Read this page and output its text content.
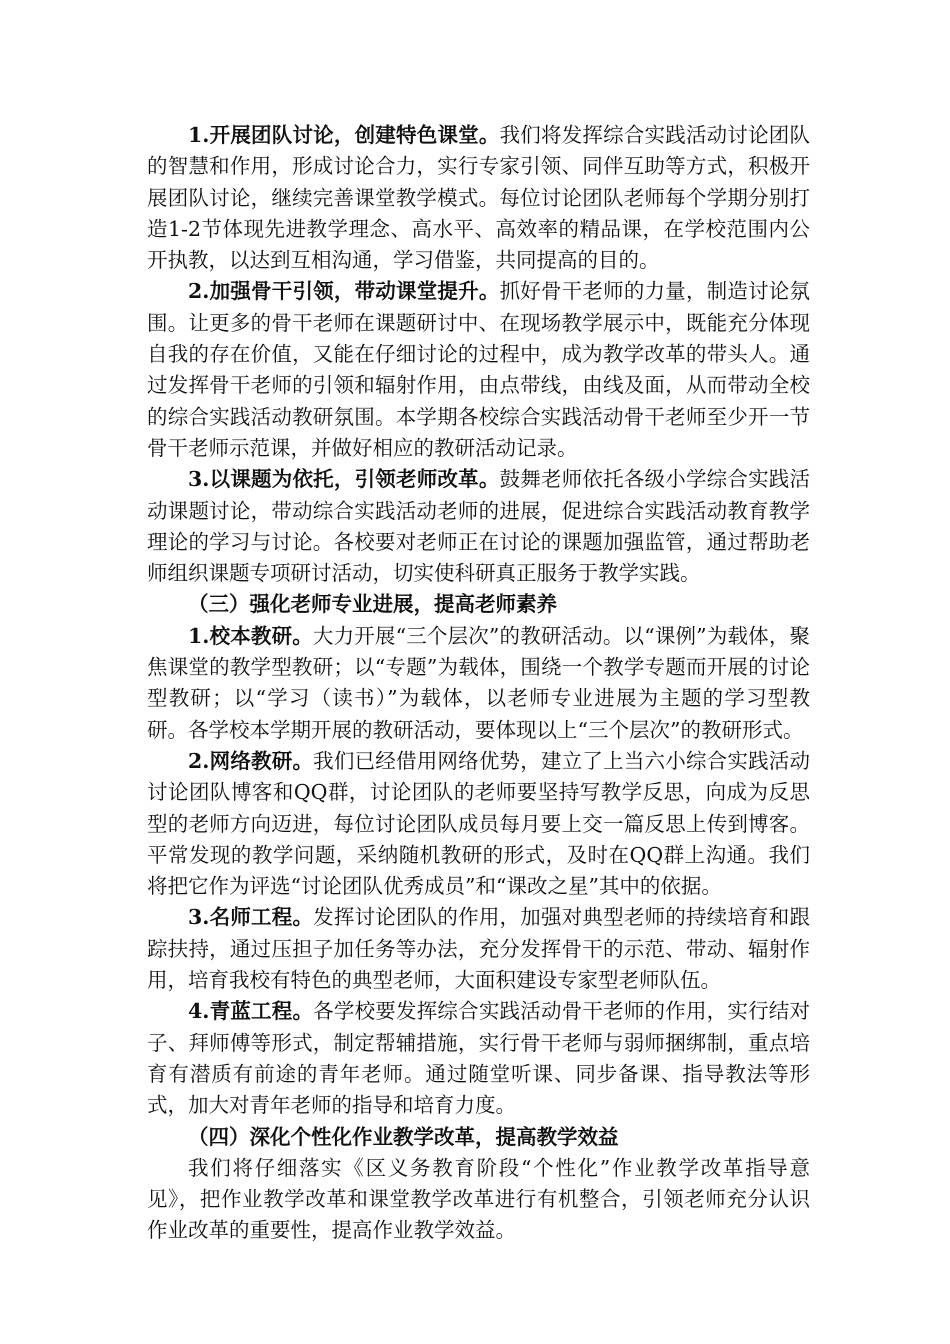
1.开展团队讨论，创建特色课堂。我们将发挥综合实践活动讨论团队的智慧和作用，形成讨论合力，实行专家引领、同伴互助等方式，积极开展团队讨论，继续完善课堂教学模式。每位讨论团队老师每个学期分别打造1-2节体现先进教学理念、高水平、高效率的精品课，在学校范围内公开执教，以达到互相沟通，学习借鉴，共同提高的目的。

2.加强骨干引领，带动课堂提升。抓好骨干老师的力量，制造讨论氛围。让更多的骨干老师在课题研讨中、在现场教学展示中，既能充分体现自我的存在价值，又能在仔细讨论的过程中，成为教学改革的带头人。通过发挥骨干老师的引领和辐射作用，由点带线，由线及面，从而带动全校的综合实践活动教研氛围。本学期各校综合实践活动骨干老师至少开一节骨干老师示范课，并做好相应的教研活动记录。

3.以课题为依托，引领老师改革。鼓舞老师依托各级小学综合实践活动课题讨论，带动综合实践活动老师的进展，促进综合实践活动教育教学理论的学习与讨论。各校要对老师正在讨论的课题加强监管，通过帮助老师组织课题专项研讨活动，切实使科研真正服务于教学实践。

（三）强化老师专业进展，提高老师素养

1.校本教研。大力开展“三个层次”的教研活动。以“课例”为载体，聚焦课堂的教学型教研；以“专题”为载体，围绕一个教学专题而开展的讨论型教研；以“学习（读书）”为载体，以老师专业进展为主题的学习型教研。各学校本学期开展的教研活动，要体现以上“三个层次”的教研形式。

2.网络教研。我们已经借用网络优势，建立了上当六小综合实践活动讨论团队博客和QQ群，讨论团队的老师要坚持写教学反思，向成为反思型的老师方向迈进，每位讨论团队成员每月要上交一篇反思上传到博客。平常发现的教学问题，采纳随机教研的形式，及时在QQ群上沟通。我们将把它作为评选“讨论团队优秀成员”和“课改之星”其中的依据。

3.名师工程。发挥讨论团队的作用，加强对典型老师的持续培育和跟踪扶持，通过压担子加任务等办法，充分发挥骨干的示范、带动、辐射作用，培育我校有特色的典型老师，大面积建设专家型老师队伍。

4.青蓝工程。各学校要发挥综合实践活动骨干老师的作用，实行结对子、拜师傅等形式，制定帮辅措施，实行骨干老师与弱师捆绑制，重点培育有潜质有前途的青年老师。通过随堂听课、同步备课、指导教法等形式，加大对青年老师的指导和培育力度。

（四）深化个性化作业教学改革，提高教学效益

我们将仔细落实《区义务教育阶段“个性化”作业教学改革指导意见》，把作业教学改革和课堂教学改革进行有机整合，引领老师充分认识作业改革的重要性，提高作业教学效益。
